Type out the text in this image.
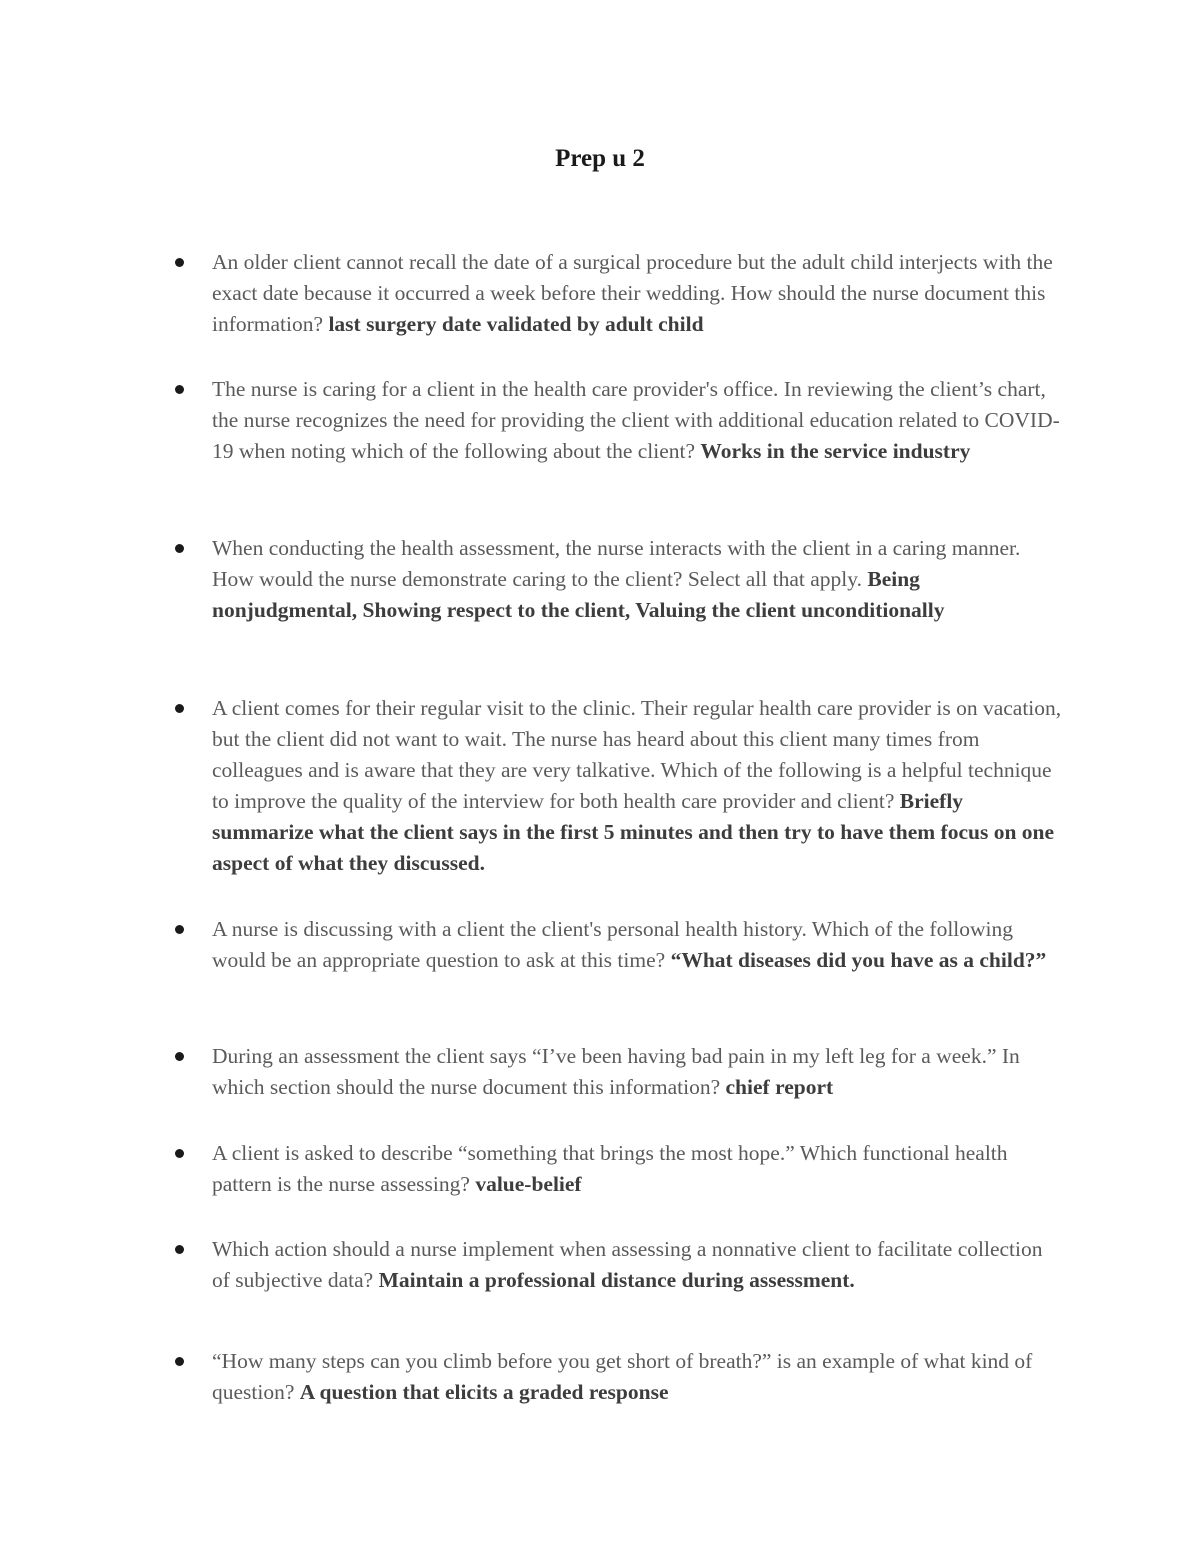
Prep u 2
An older client cannot recall the date of a surgical procedure but the adult child interjects with the exact date because it occurred a week before their wedding. How should the nurse document this information? last surgery date validated by adult child
The nurse is caring for a client in the health care provider's office. In reviewing the client’s chart, the nurse recognizes the need for providing the client with additional education related to COVID-19 when noting which of the following about the client? Works in the service industry
When conducting the health assessment, the nurse interacts with the client in a caring manner. How would the nurse demonstrate caring to the client? Select all that apply. Being nonjudgmental, Showing respect to the client, Valuing the client unconditionally
A client comes for their regular visit to the clinic. Their regular health care provider is on vacation, but the client did not want to wait. The nurse has heard about this client many times from colleagues and is aware that they are very talkative. Which of the following is a helpful technique to improve the quality of the interview for both health care provider and client? Briefly summarize what the client says in the first 5 minutes and then try to have them focus on one aspect of what they discussed.
A nurse is discussing with a client the client's personal health history. Which of the following would be an appropriate question to ask at this time? “What diseases did you have as a child?”
During an assessment the client says “I’ve been having bad pain in my left leg for a week.” In which section should the nurse document this information? chief report
A client is asked to describe “something that brings the most hope.” Which functional health pattern is the nurse assessing? value-belief
Which action should a nurse implement when assessing a nonnative client to facilitate collection of subjective data? Maintain a professional distance during assessment.
“How many steps can you climb before you get short of breath?” is an example of what kind of question? A question that elicits a graded response
